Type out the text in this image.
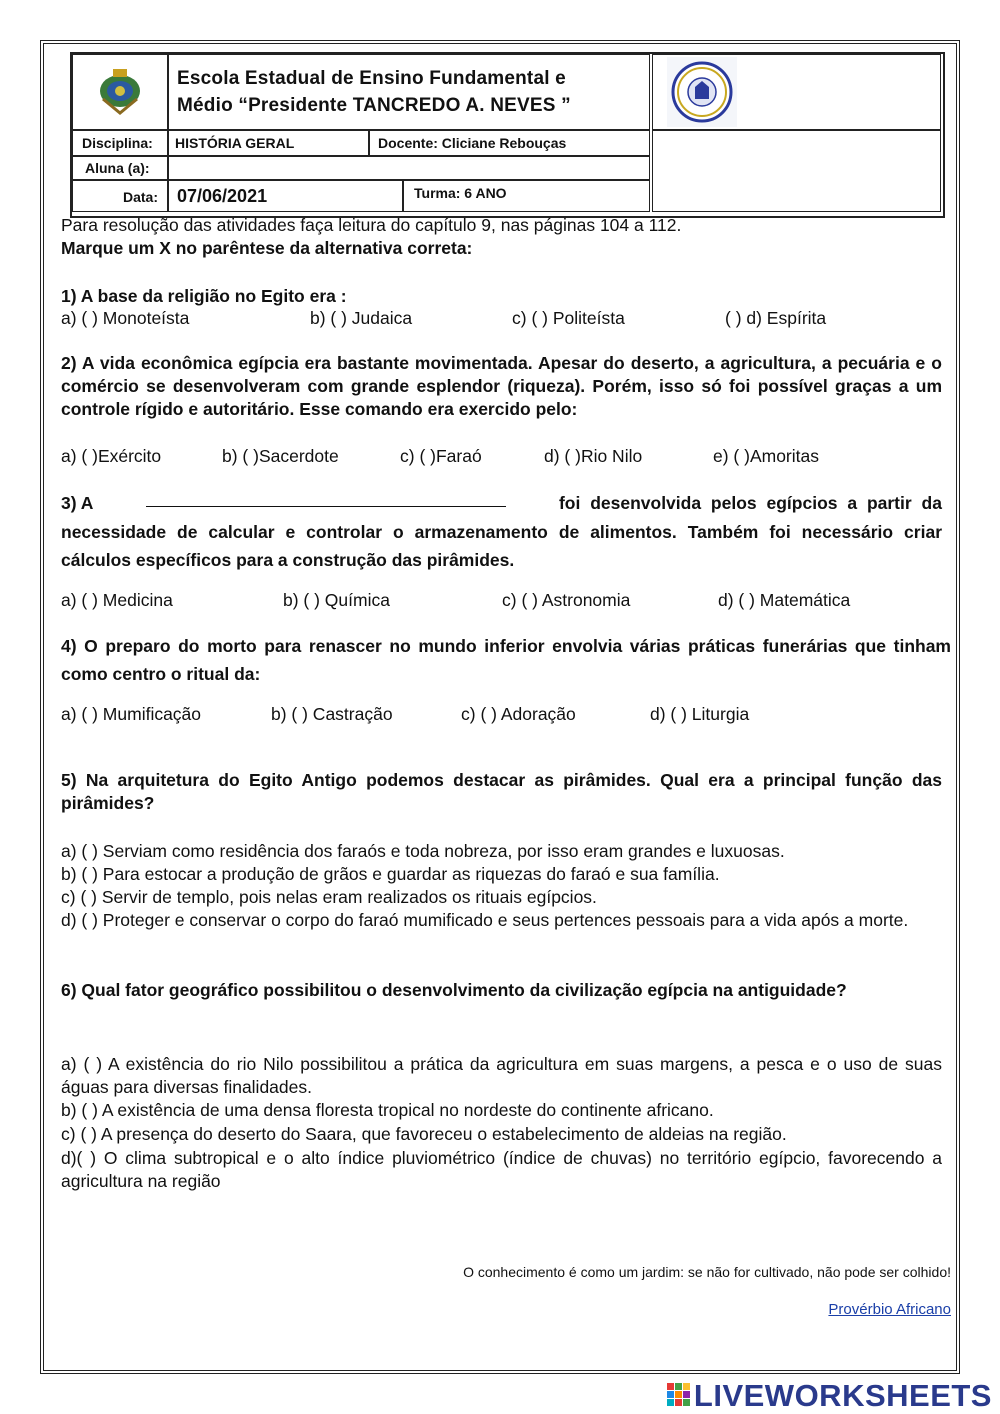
Escola Estadual de Ensino Fundamental e
Médio “Presidente TANCREDO A. NEVES ”
Disciplina:	HISTÓRIA GERAL	Docente: Cliciane Rebouças
Aluna (a):
Data:	07/06/2021	Turma: 6 ANO
Para resolução das atividades faça leitura do capítulo 9, nas páginas 104 a 112.
Marque um X no parêntese da alternativa correta:
1) A base da religião no Egito era :
a) ( ) Monoteísta	b) ( ) Judaica	c) ( ) Politeísta	( ) d) Espírita
2) A vida econômica egípcia era bastante movimentada. Apesar do deserto, a agricultura, a pecuária e o comércio se desenvolveram com grande esplendor (riqueza). Porém, isso só foi possível graças a um controle rígido e autoritário. Esse comando era exercido pelo:
a) ( )Exército	b) ( )Sacerdote	c) ( )Faraó	d) ( )Rio Nilo	e) ( )Amoritas
3) A	foi desenvolvida pelos egípcios a partir da
necessidade de calcular e controlar o armazenamento de alimentos. Também foi necessário criar cálculos específicos para a construção das pirâmides.
a) ( ) Medicina	b) ( ) Química	c) ( ) Astronomia	d) ( ) Matemática
4) O preparo do morto para renascer no mundo inferior envolvia várias práticas funerárias que tinham como centro o ritual da:
a) ( ) Mumificação	b) ( ) Castração	c) ( ) Adoração	d) ( ) Liturgia
5) Na arquitetura do Egito Antigo podemos destacar as pirâmides. Qual era a principal função das pirâmides?
a) ( ) Serviam como residência dos faraós e toda nobreza, por isso eram grandes e luxuosas.
b) ( ) Para estocar a produção de grãos e guardar as riquezas do faraó e sua família.
c) ( ) Servir de templo, pois nelas eram realizados os rituais egípcios.
d) ( ) Proteger e conservar o corpo do faraó mumificado e seus pertences pessoais para a vida após a morte.
6) Qual fator geográfico possibilitou o desenvolvimento da civilização egípcia na antiguidade?
a) ( ) A existência do rio Nilo possibilitou a prática da agricultura em suas margens, a pesca e o uso de suas águas para diversas finalidades.
b) ( ) A existência de uma densa floresta tropical no nordeste do continente africano.
c) ( ) A presença do deserto do Saara, que favoreceu o estabelecimento de aldeias na região.
d)( ) O clima subtropical e o alto índice pluviométrico (índice de chuvas) no território egípcio, favorecendo a agricultura na região
O conhecimento é como um jardim: se não for cultivado, não pode ser colhido!
Provérbio Africano
LIVEWORKSHEETS
